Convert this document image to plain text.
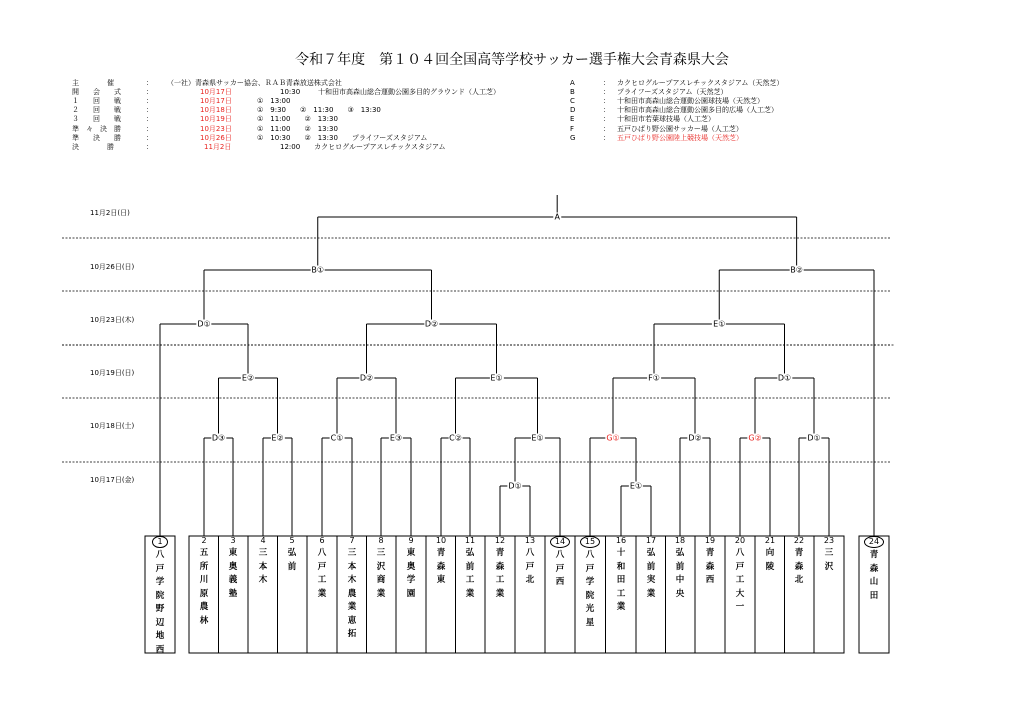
令和７年度　第１０４回全国高等学校サッカー選手権大会青森県大会
主　　　　催	： （一社）青森県サッカー協会、ＲＡＢ青森放送株式会社
開　　会　　式	：	10月17日	10:30	十和田市高森山総合運動公園多目的グラウンド（人工芝）
１　　回　　戦	：	10月17日	①　13:00
２　　回　　戦	：	10月18日	①　9:30　　②　11:30　　③　13:30
３　　回　　戦	：	10月19日	①　11:00　　②　13:30
準　々　決　勝	：	10月23日	①　11:00　　②　13:30
準　　決　　勝	：	10月26日	①　10:30　　②　13:30　　プライフーズスタジアム
決　　　　勝	：	11月2日	12:00　　カクヒログループアスレチックスタジアム
A	： カクヒログループアスレチックスタジアム（天然芝）
B	： プライフーズスタジアム（天然芝）
C	： 十和田市高森山総合運動公園球技場（天然芝）
D	： 十和田市高森山総合運動公園多目的広場（人工芝）
E	： 十和田市若葉球技場（人工芝）
F	： 五戸ひばり野公園サッカー場（人工芝）
G	： 五戸ひばり野公園陸上競技場（天然芝）
11月2日(日)
10月26日(日)
10月23日(木)
10月19日(日)
10月18日(土)
10月17日(金)
D①	E①
D③	E②	C①	E③	C②	E①	G①	D②	G②	D①
E②	D②	E①	F①	D①
D①	D②	E①
B①	B②
A
1
八戸学院野辺地西
2
五所川原農林
3
東奥義塾
4
三本木
5
弘前
6
八戸工業
7
三本木農業恵拓
8
三沢商業
9
東奥学園
10
青森東
11
弘前工業
12
青森工業
13
八戸北
14
八戸西
15
八戸学院光星
16
十和田工業
17
弘前実業
18
弘前中央
19
青森西
20
八戸工大一
21
向陵
22
青森北
23
三沢
24
青森山田
